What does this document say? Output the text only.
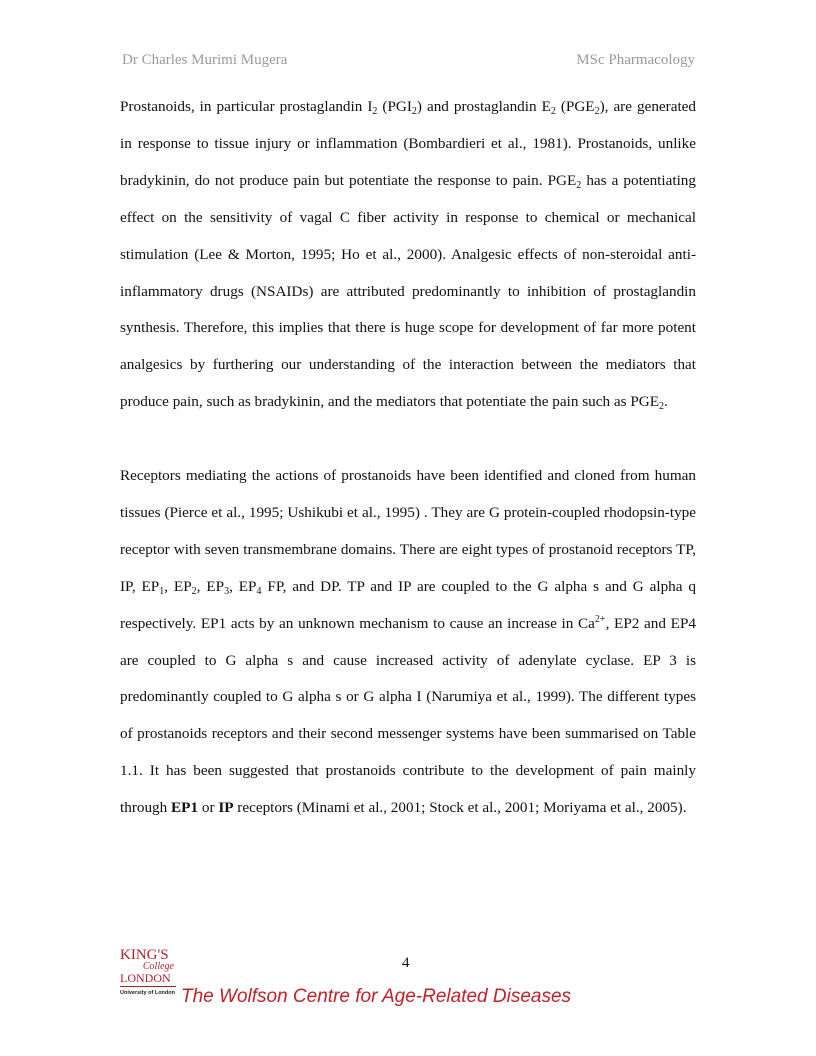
Dr Charles Murimi Mugera	MSc Pharmacology

Prostanoids, in particular prostaglandin $I_2$ $(PGI_2)$ and prostaglandin $E_2$ $(PGE_2)$, are generated in response to tissue injury or inflammation (Bombardieri et al., 1981). Prostanoids, unlike bradykinin, do not produce pain but potentiate the response to pain. $PGE_2$ has a potentiating effect on the sensitivity of vagal C fiber activity in response to chemical or mechanical stimulation (Lee & Morton, 1995; Ho et al., 2000). Analgesic effects of non-steroidal anti-inflammatory drugs (NSAIDs) are attributed predominantly to inhibition of prostaglandin synthesis. Therefore, this implies that there is huge scope for development of far more potent analgesics by furthering our understanding of the interaction between the mediators that produce pain, such as bradykinin, and the mediators that potentiate the pain such as $PGE_2$.

Receptors mediating the actions of prostanoids have been identified and cloned from human tissues (Pierce et al., 1995; Ushikubi et al., 1995) . They are G protein-coupled rhodopsin-type receptor with seven transmembrane domains. There are eight types of prostanoid receptors TP, IP, $EP_1$, $EP_2$, $EP_3$, $EP_4$ FP, and DP. TP and IP are coupled to the G alpha s and G alpha q respectively. EP1 acts by an unknown mechanism to cause an increase in $Ca^{2+}$, EP2 and EP4 are coupled to G alpha s and cause increased activity of adenylate cyclase. EP 3 is predominantly coupled to G alpha s or G alpha I (Narumiya et al., 1999). The different types of prostanoids receptors and their second messenger systems have been summarised on Table 1.1. It has been suggested that prostanoids contribute to the development of pain mainly through EP1 or IP receptors (Minami et al., 2001; Stock et al., 2001; Moriyama et al., 2005).

4
KING'S
College
LONDON
University of London The Wolfson Centre for Age-Related Diseases
